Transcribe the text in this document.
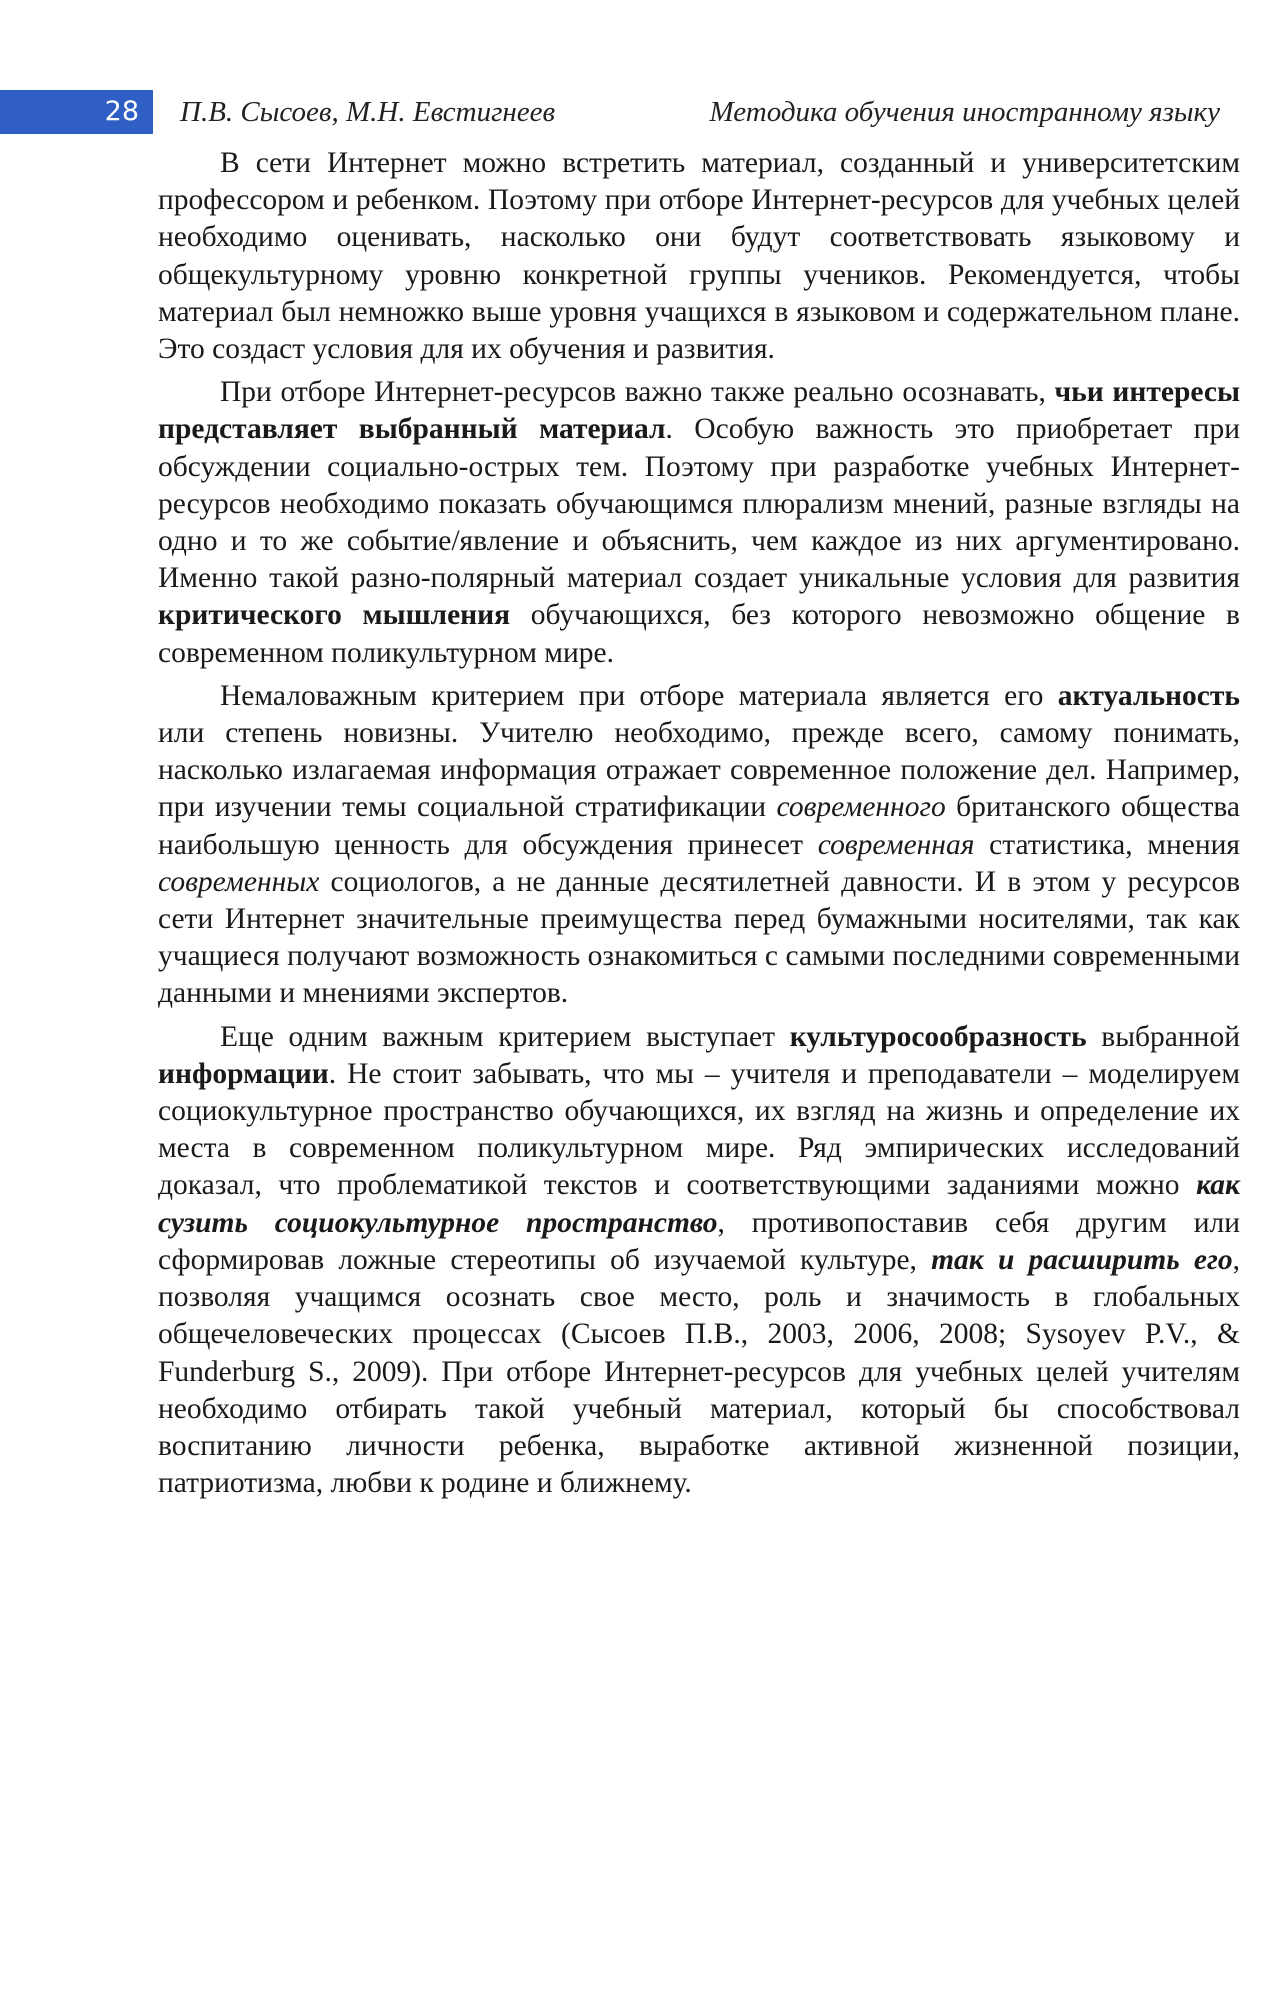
28 П.В. Сысоев, М.Н. Евстигнеев	Методика обучения иностранному языку

В сети Интернет можно встретить материал, созданный и университетским профессором и ребенком. Поэтому при отборе Интернет-ресурсов для учебных целей необходимо оценивать, насколько они будут соответствовать языковому и общекультурному уровню конкретной группы учеников. Рекомендуется, чтобы материал был немножко выше уровня учащихся в языковом и содержательном плане. Это создаст условия для их обучения и развития.

При отборе Интернет-ресурсов важно также реально осознавать, чьи интересы представляет выбранный материал. Особую важность это приобретает при обсуждении социально-острых тем. Поэтому при разработке учебных Интернет-ресурсов необходимо показать обучающимся плюрализм мнений, разные взгляды на одно и то же событие/явление и объяснить, чем каждое из них аргументировано. Именно такой разно-полярный материал создает уникальные условия для развития критического мышления обучающихся, без которого невозможно общение в современном поликультурном мире.

Немаловажным критерием при отборе материала является его актуальность или степень новизны. Учителю необходимо, прежде всего, самому понимать, насколько излагаемая информация отражает современное положение дел. Например, при изучении темы социальной стратификации современного британского общества наибольшую ценность для обсуждения принесет современная статистика, мнения современных социологов, а не данные десятилетней давности. И в этом у ресурсов сети Интернет значительные преимущества перед бумажными носителями, так как учащиеся получают возможность ознакомиться с самыми последними современными данными и мнениями экспертов.

Еще одним важным критерием выступает культуросообразность выбранной информации. Не стоит забывать, что мы – учителя и преподаватели – моделируем социокультурное пространство обучающихся, их взгляд на жизнь и определение их места в современном поликультурном мире. Ряд эмпирических исследований доказал, что проблематикой текстов и соответствующими заданиями можно как сузить социокультурное пространство, противопоставив себя другим или сформировав ложные стереотипы об изучаемой культуре, так и расширить его, позволяя учащимся осознать свое место, роль и значимость в глобальных общечеловеческих процессах (Сысоев П.В., 2003, 2006, 2008; Sysoyev P.V., & Funderburg S., 2009). При отборе Интернет-ресурсов для учебных целей учителям необходимо отбирать такой учебный материал, который бы способствовал воспитанию личности ребенка, выработке активной жизненной позиции, патриотизма, любви к родине и ближнему.
